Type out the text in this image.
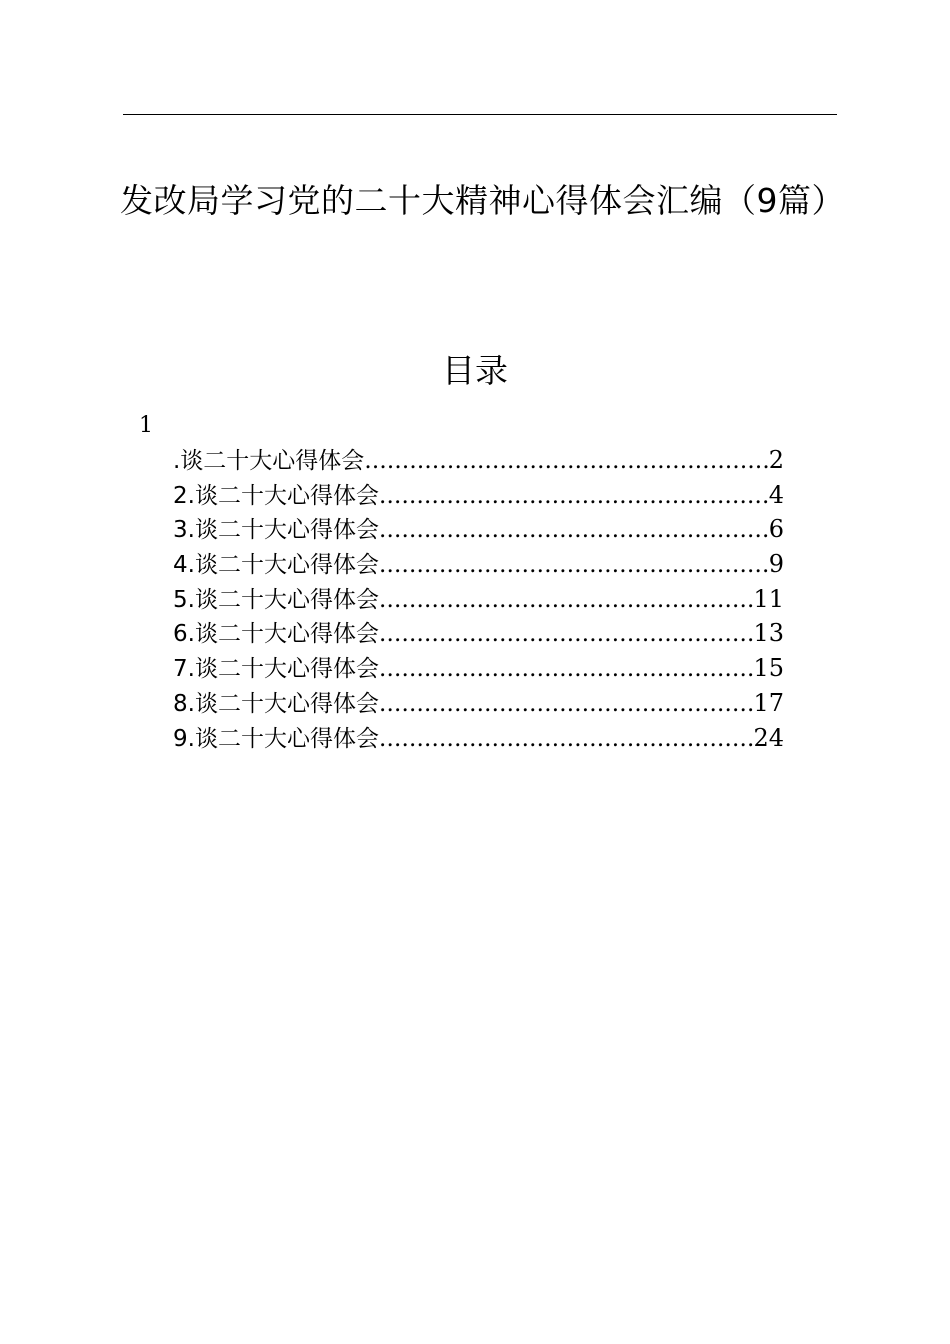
发改局学习党的二十大精神心得体会汇编（9篇）
目录
1
.谈二十大心得体会 .....	2
2.谈二十大心得体会 .....	4
3.谈二十大心得体会 .....	6
4.谈二十大心得体会 .....	9
5.谈二十大心得体会 .....	11
6.谈二十大心得体会 .....	13
7.谈二十大心得体会 .....	15
8.谈二十大心得体会 .....	17
9.谈二十大心得体会 .....	24
